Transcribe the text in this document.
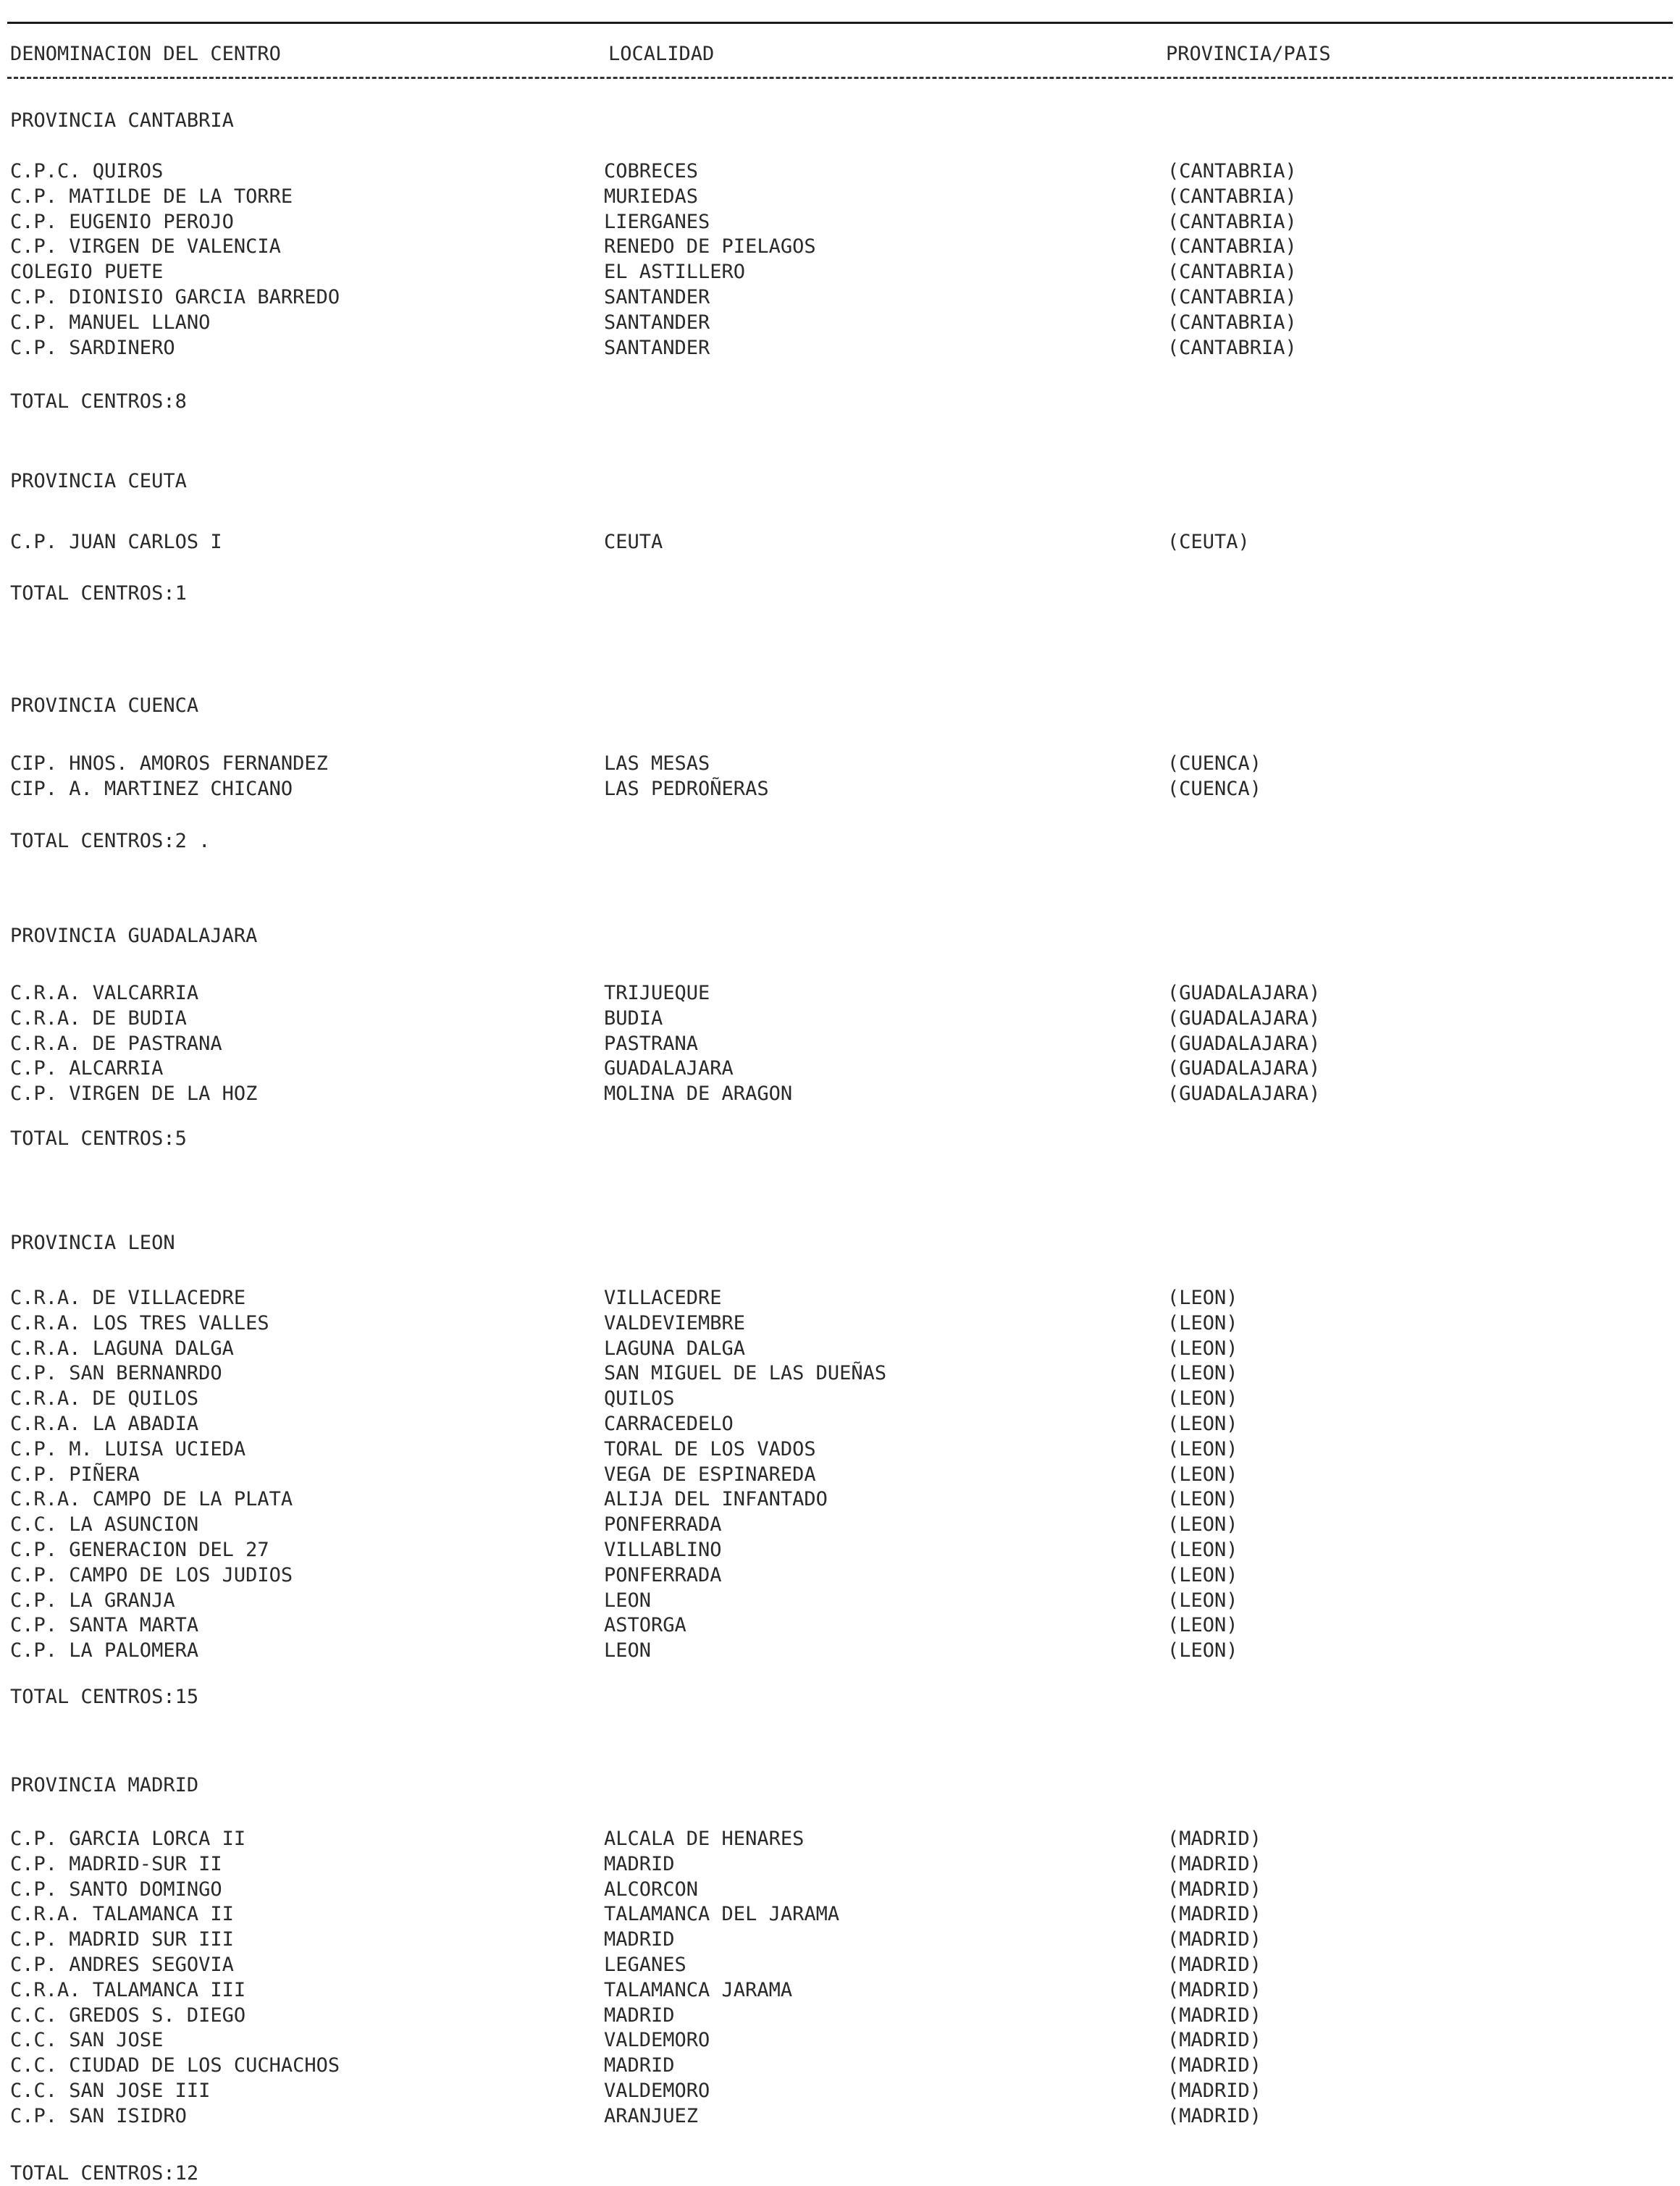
DENOMINACION DEL CENTRO	LOCALIDAD	PROVINCIA/PAIS
PROVINCIA CANTABRIA
C.P.C. QUIROS	COBRECES	(CANTABRIA)
C.P. MATILDE DE LA TORRE	MURIEDAS	(CANTABRIA)
C.P. EUGENIO PEROJO	LIERGANES	(CANTABRIA)
C.P. VIRGEN DE VALENCIA	RENEDO DE PIELAGOS	(CANTABRIA)
COLEGIO PUETE	EL ASTILLERO	(CANTABRIA)
C.P. DIONISIO GARCIA BARREDO	SANTANDER	(CANTABRIA)
C.P. MANUEL LLANO	SANTANDER	(CANTABRIA)
C.P. SARDINERO	SANTANDER	(CANTABRIA)
TOTAL CENTROS:8
PROVINCIA CEUTA
C.P. JUAN CARLOS I	CEUTA	(CEUTA)
TOTAL CENTROS:1
PROVINCIA CUENCA
CIP. HNOS. AMOROS FERNANDEZ	LAS MESAS	(CUENCA)
CIP. A. MARTINEZ CHICANO	LAS PEDROÑERAS	(CUENCA)
TOTAL CENTROS:2 .
PROVINCIA GUADALAJARA
C.R.A. VALCARRIA	TRIJUEQUE	(GUADALAJARA)
C.R.A. DE BUDIA	BUDIA	(GUADALAJARA)
C.R.A. DE PASTRANA	PASTRANA	(GUADALAJARA)
C.P. ALCARRIA	GUADALAJARA	(GUADALAJARA)
C.P. VIRGEN DE LA HOZ	MOLINA DE ARAGON	(GUADALAJARA)
TOTAL CENTROS:5
PROVINCIA LEON
C.R.A. DE VILLACEDRE	VILLACEDRE	(LEON)
C.R.A. LOS TRES VALLES	VALDEVIEMBRE	(LEON)
C.R.A. LAGUNA DALGA	LAGUNA DALGA	(LEON)
C.P. SAN BERNANRDO	SAN MIGUEL DE LAS DUEÑAS	(LEON)
C.R.A. DE QUILOS	QUILOS	(LEON)
C.R.A. LA ABADIA	CARRACEDELO	(LEON)
C.P. M. LUISA UCIEDA	TORAL DE LOS VADOS	(LEON)
C.P. PIÑERA	VEGA DE ESPINAREDA	(LEON)
C.R.A. CAMPO DE LA PLATA	ALIJA DEL INFANTADO	(LEON)
C.C. LA ASUNCION	PONFERRADA	(LEON)
C.P. GENERACION DEL 27	VILLABLINO	(LEON)
C.P. CAMPO DE LOS JUDIOS	PONFERRADA	(LEON)
C.P. LA GRANJA	LEON	(LEON)
C.P. SANTA MARTA	ASTORGA	(LEON)
C.P. LA PALOMERA	LEON	(LEON)
TOTAL CENTROS:15
PROVINCIA MADRID
C.P. GARCIA LORCA II	ALCALA DE HENARES	(MADRID)
C.P. MADRID-SUR II	MADRID	(MADRID)
C.P. SANTO DOMINGO	ALCORCON	(MADRID)
C.R.A. TALAMANCA II	TALAMANCA DEL JARAMA	(MADRID)
C.P. MADRID SUR III	MADRID	(MADRID)
C.P. ANDRES SEGOVIA	LEGANES	(MADRID)
C.R.A. TALAMANCA III	TALAMANCA JARAMA	(MADRID)
C.C. GREDOS S. DIEGO	MADRID	(MADRID)
C.C. SAN JOSE	VALDEMORO	(MADRID)
C.C. CIUDAD DE LOS CUCHACHOS	MADRID	(MADRID)
C.C. SAN JOSE III	VALDEMORO	(MADRID)
C.P. SAN ISIDRO	ARANJUEZ	(MADRID)
TOTAL CENTROS:12
